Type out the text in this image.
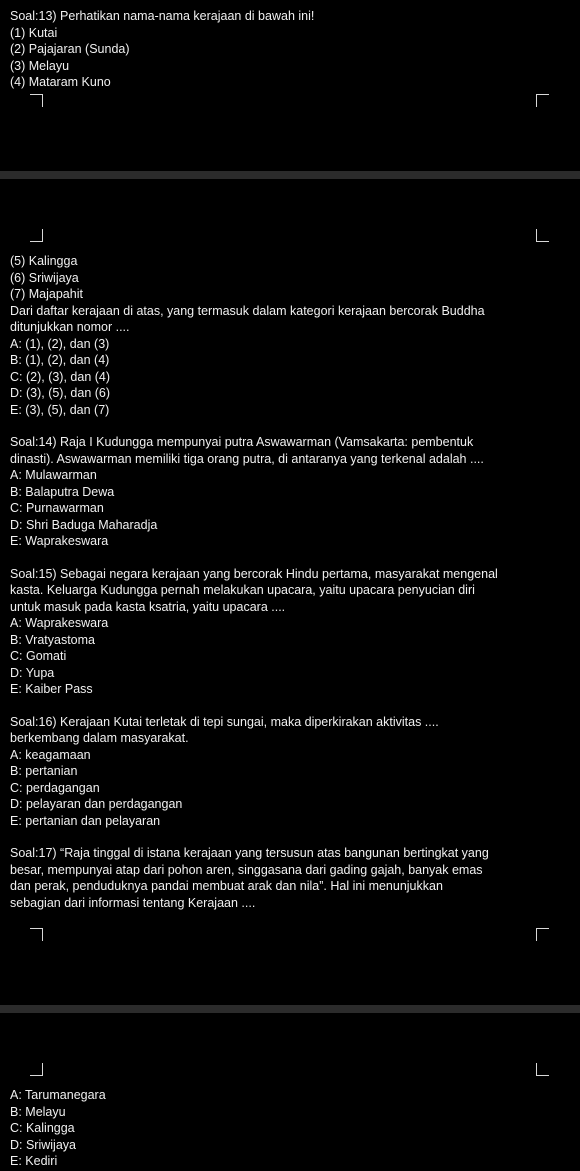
Soal:13) Perhatikan nama-nama kerajaan di bawah ini!
(1) Kutai
(2) Pajajaran (Sunda)
(3) Melayu
(4) Mataram Kuno
(5) Kalingga
(6) Sriwijaya
(7) Majapahit
Dari daftar kerajaan di atas, yang termasuk dalam kategori kerajaan bercorak Buddha
ditunjukkan nomor ....
A: (1), (2), dan (3)
B: (1), (2), dan (4)
C: (2), (3), dan (4)
D: (3), (5), dan (6)
E: (3), (5), dan (7)
Soal:14) Raja I Kudungga mempunyai putra Aswawarman (Vamsakarta: pembentuk
dinasti). Aswawarman memiliki tiga orang putra, di antaranya yang terkenal adalah ....
A: Mulawarman
B: Balaputra Dewa
C: Purnawarman
D: Shri Baduga Maharadja
E: Waprakeswara
Soal:15) Sebagai negara kerajaan yang bercorak Hindu pertama, masyarakat mengenal
kasta. Keluarga Kudungga pernah melakukan upacara, yaitu upacara penyucian diri
untuk masuk pada kasta ksatria, yaitu upacara ....
A: Waprakeswara
B: Vratyastoma
C: Gomati
D: Yupa
E: Kaiber Pass
Soal:16) Kerajaan Kutai terletak di tepi sungai, maka diperkirakan aktivitas ....
berkembang dalam masyarakat.
A: keagamaan
B: pertanian
C: perdagangan
D: pelayaran dan perdagangan
E: pertanian dan pelayaran
Soal:17) “Raja tinggal di istana kerajaan yang tersusun atas bangunan bertingkat yang
besar, mempunyai atap dari pohon aren, singgasana dari gading gajah, banyak emas
dan perak, penduduknya pandai membuat arak dan nila”. Hal ini menunjukkan
sebagian dari informasi tentang Kerajaan ....
A: Tarumanegara
B: Melayu
C: Kalingga
D: Sriwijaya
E: Kediri
